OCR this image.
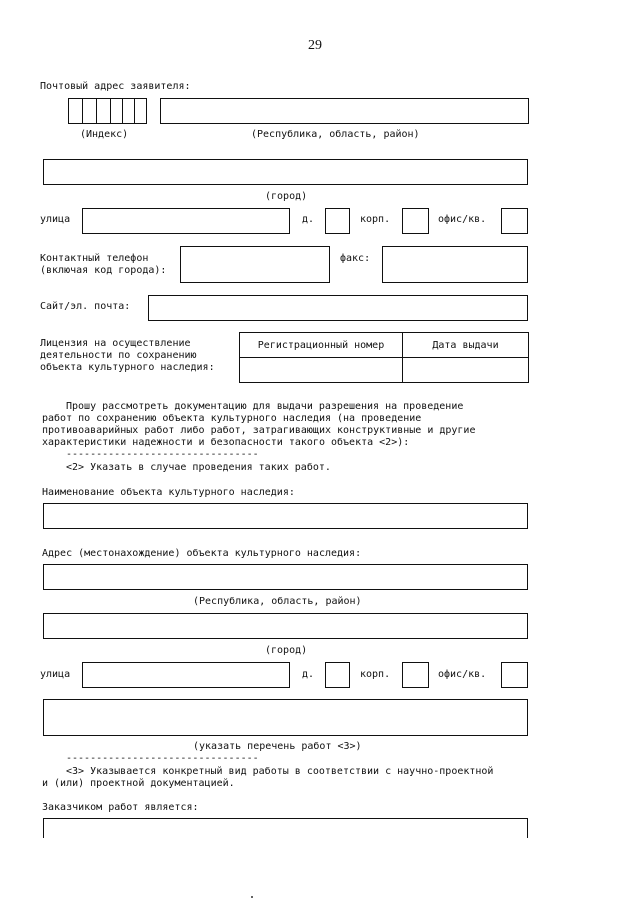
29
Почтовый адрес заявителя:
(Индекс)	(Республика, область, район)
(город)
улица	д.	корп.	офис/кв.
Контактный телефон
(включая код города):
факс:
Сайт/эл. почта:
Лицензия на осуществление
деятельности по сохранению
объекта культурного наследия:
Регистрационный номер	Дата выдачи

Прошу рассмотреть документацию для выдачи разрешения на проведение
работ по сохранению объекта культурного наследия (на проведение
противоаварийных работ либо работ, затрагивающих конструктивные и другие
характеристики надежности и безопасности такого объекта <2>):
--------------------------------
<2> Указать в случае проведения таких работ.
Наименование объекта культурного наследия:
Адрес (местонахождение) объекта культурного наследия:
(Республика, область, район)
(город)
улица	д.	корп.	офис/кв.
(указать перечень работ <3>)
--------------------------------
<3> Указывается конкретный вид работы в соответствии с научно-проектной
и (или) проектной документацией.
Заказчиком работ является:
